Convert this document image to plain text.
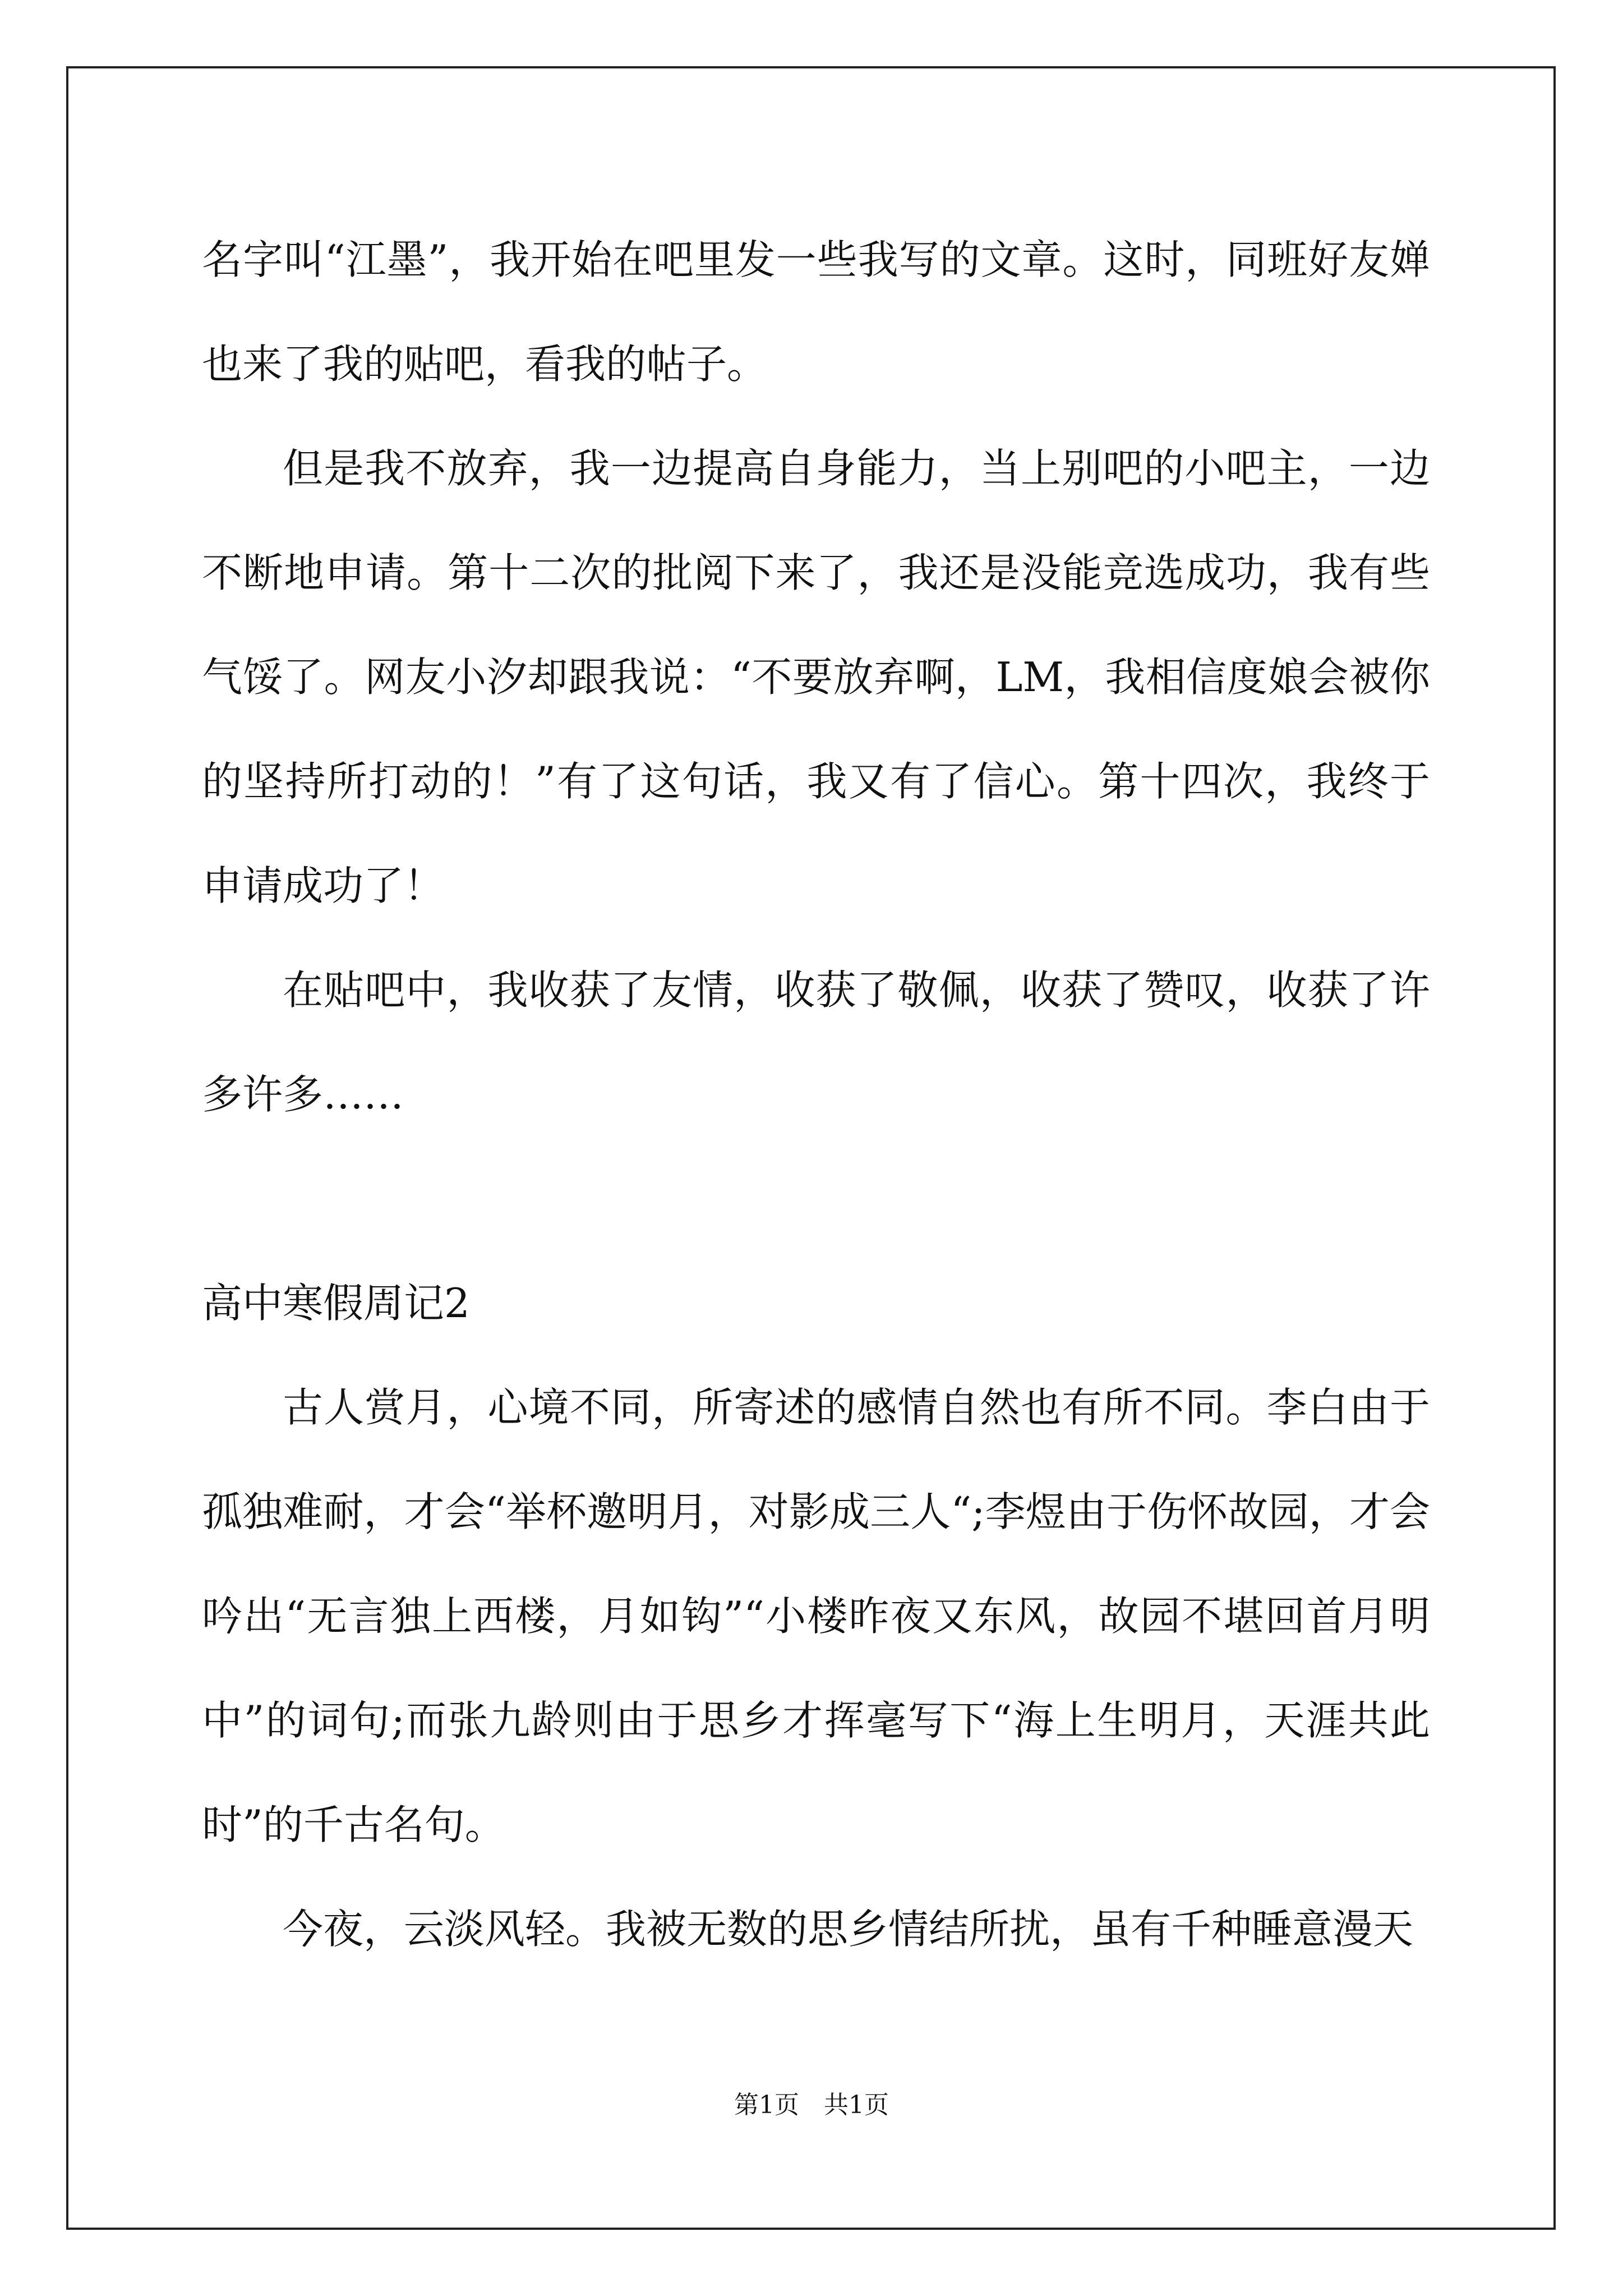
名字叫“江墨”，我开始在吧里发一些我写的文章。这时，同班好友婵也来了我的贴吧，看我的帖子。

但是我不放弃，我一边提高自身能力，当上别吧的小吧主，一边不断地申请。第十二次的批阅下来了，我还是没能竞选成功，我有些气馁了。网友小汐却跟我说：“不要放弃啊，LM，我相信度娘会被你的坚持所打动的！”有了这句话，我又有了信心。第十四次，我终于申请成功了！

在贴吧中，我收获了友情，收获了敬佩，收获了赞叹，收获了许多许多……

高中寒假周记2

古人赏月，心境不同，所寄述的感情自然也有所不同。李白由于孤独难耐，才会“举杯邀明月，对影成三人“;李煜由于伤怀故园，才会吟出“无言独上西楼，月如钩”“小楼昨夜又东风，故园不堪回首月明中”的词句;而张九龄则由于思乡才挥毫写下“海上生明月，天涯共此时”的千古名句。

今夜，云淡风轻。我被无数的思乡情结所扰，虽有千种睡意漫天

第1页　共1页
